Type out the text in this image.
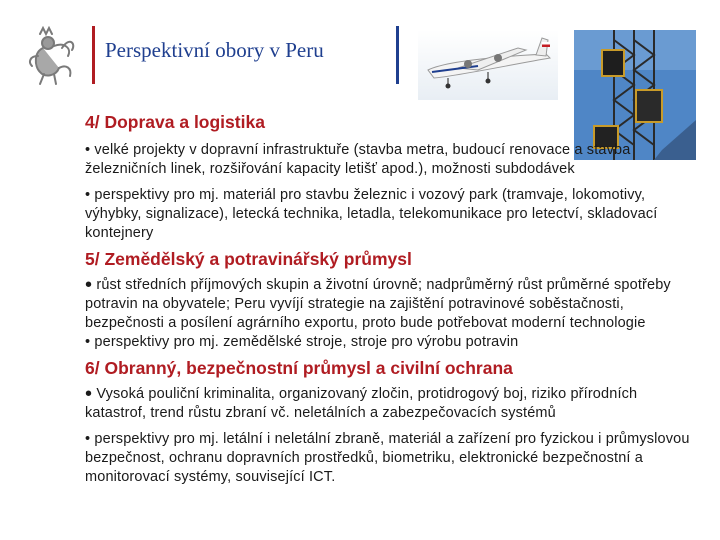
Perspektivní obory v Peru
4/ Doprava a logistika

• velké projekty v dopravní infrastruktuře (stavba metra, budoucí renovace a stavba železničních linek, rozšiřování kapacity letišť apod.), možnosti subdodávek

• perspektivy pro mj. materiál pro stavbu železnic i vozový park (tramvaje, lokomotivy, výhybky, signalizace), letecká technika, letadla, telekomunikace pro letectví, skladovací kontejnery

5/ Zemědělský a potravinářský průmysl

• růst středních příjmových skupin a životní úrovně; nadprůměrný růst průměrné spotřeby potravin na obyvatele; Peru vyvíjí strategie na zajištění potravinové soběstačnosti, bezpečnosti a posílení agrárního exportu, proto bude potřebovat moderní technologie

• perspektivy pro mj. zemědělské stroje, stroje pro výrobu potravin

6/ Obranný, bezpečnostní průmysl a civilní ochrana

• Vysoká pouliční kriminalita, organizovaný zločin, protidrogový boj, riziko přírodních katastrof, trend růstu zbraní vč. neletálních a zabezpečovacích systémů

• perspektivy pro mj. letální i neletální zbraně, materiál a zařízení pro fyzickou i průmyslovou bezpečnost, ochranu dopravních prostředků, biometriku, elektronické bezpečnostní a monitorovací systémy, související ICT.
